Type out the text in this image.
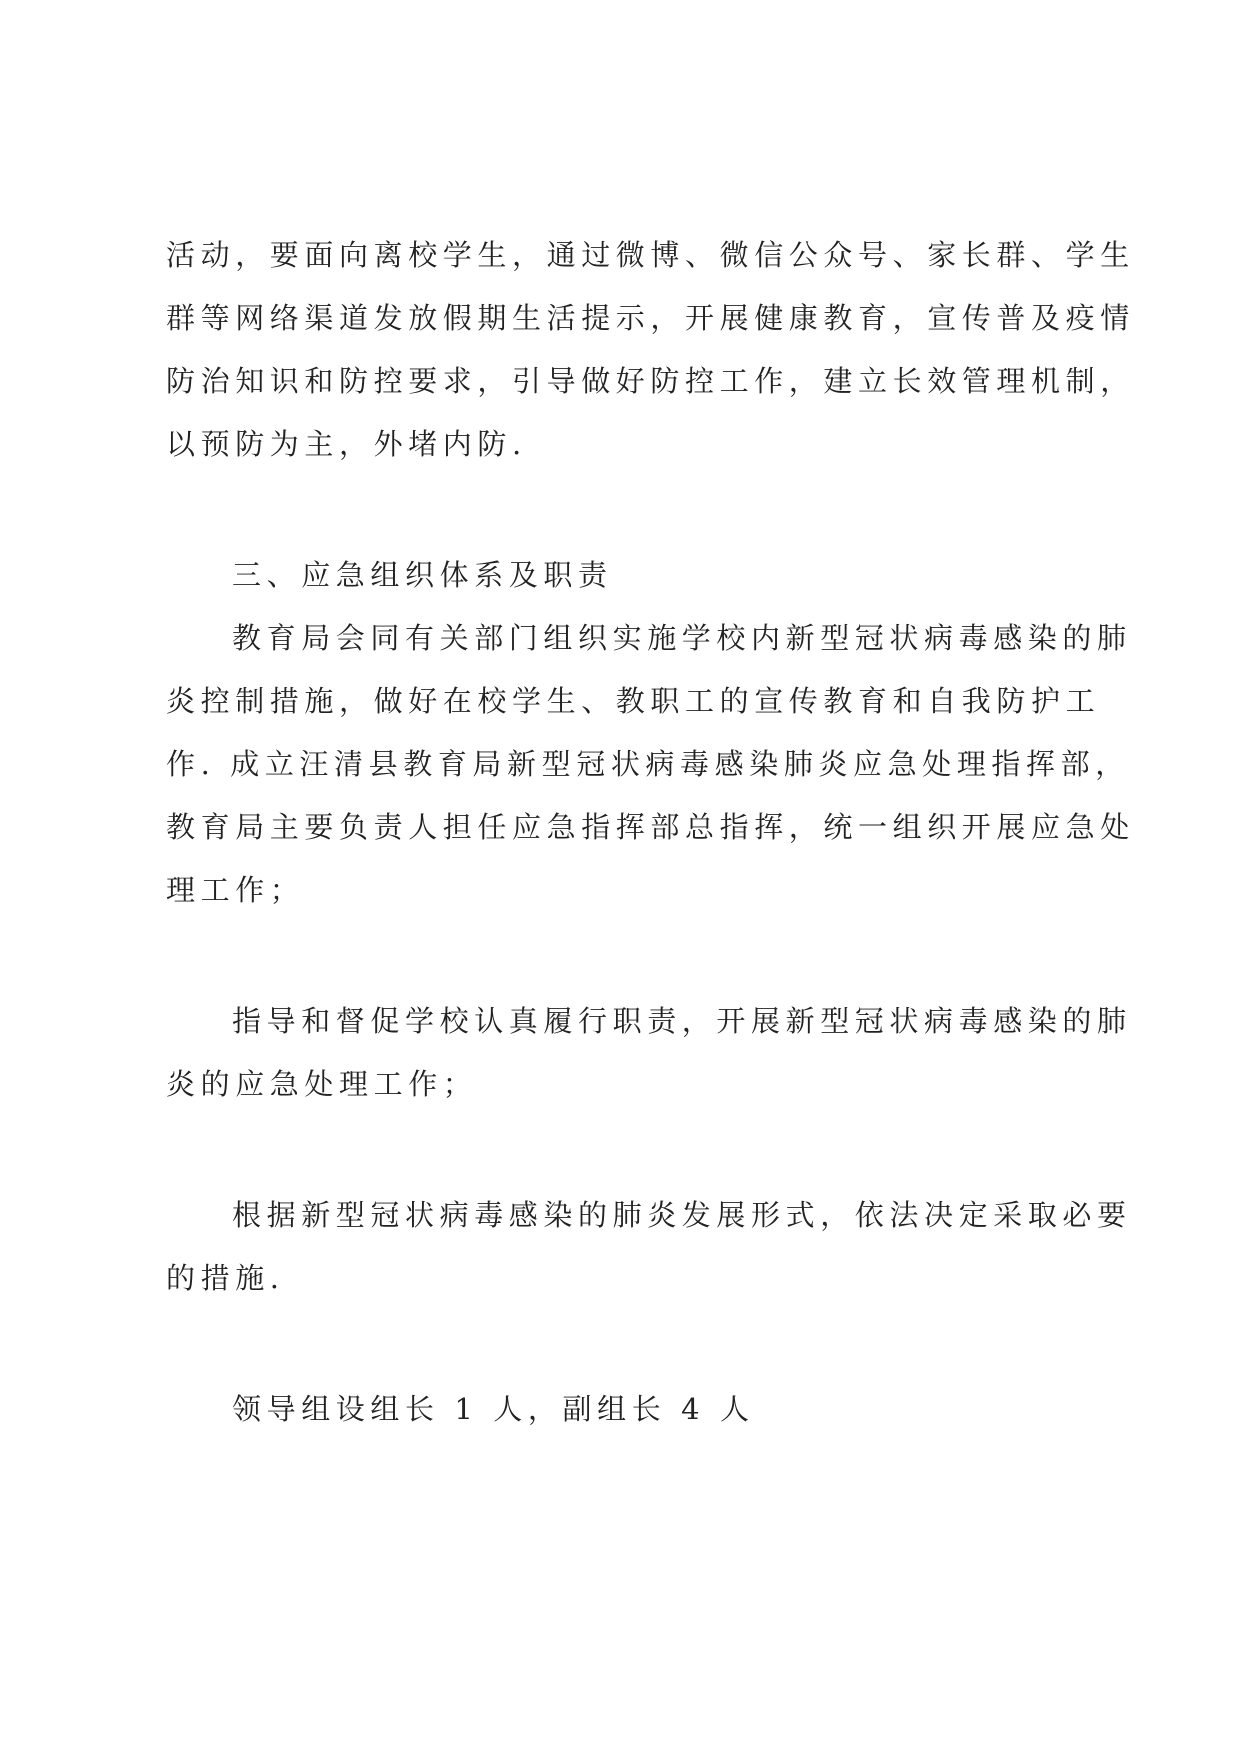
活动，要面向离校学生，通过微博、微信公众号、家长群、学生

群等网络渠道发放假期生活提示，开展健康教育，宣传普及疫情

防治知识和防控要求，引导做好防控工作，建立长效管理机制，

以预防为主，外堵内防.

三、应急组织体系及职责

教育局会同有关部门组织实施学校内新型冠状病毒感染的肺

炎控制措施，做好在校学生、教职工的宣传教育和自我防护工

作. 成立汪清县教育局新型冠状病毒感染肺炎应急处理指挥部，

教育局主要负责人担任应急指挥部总指挥，统一组织开展应急处

理工作；

指导和督促学校认真履行职责，开展新型冠状病毒感染的肺

炎的应急处理工作；

根据新型冠状病毒感染的肺炎发展形式，依法决定采取必要

的措施.

领导组设组长 1 人，副组长 4 人
